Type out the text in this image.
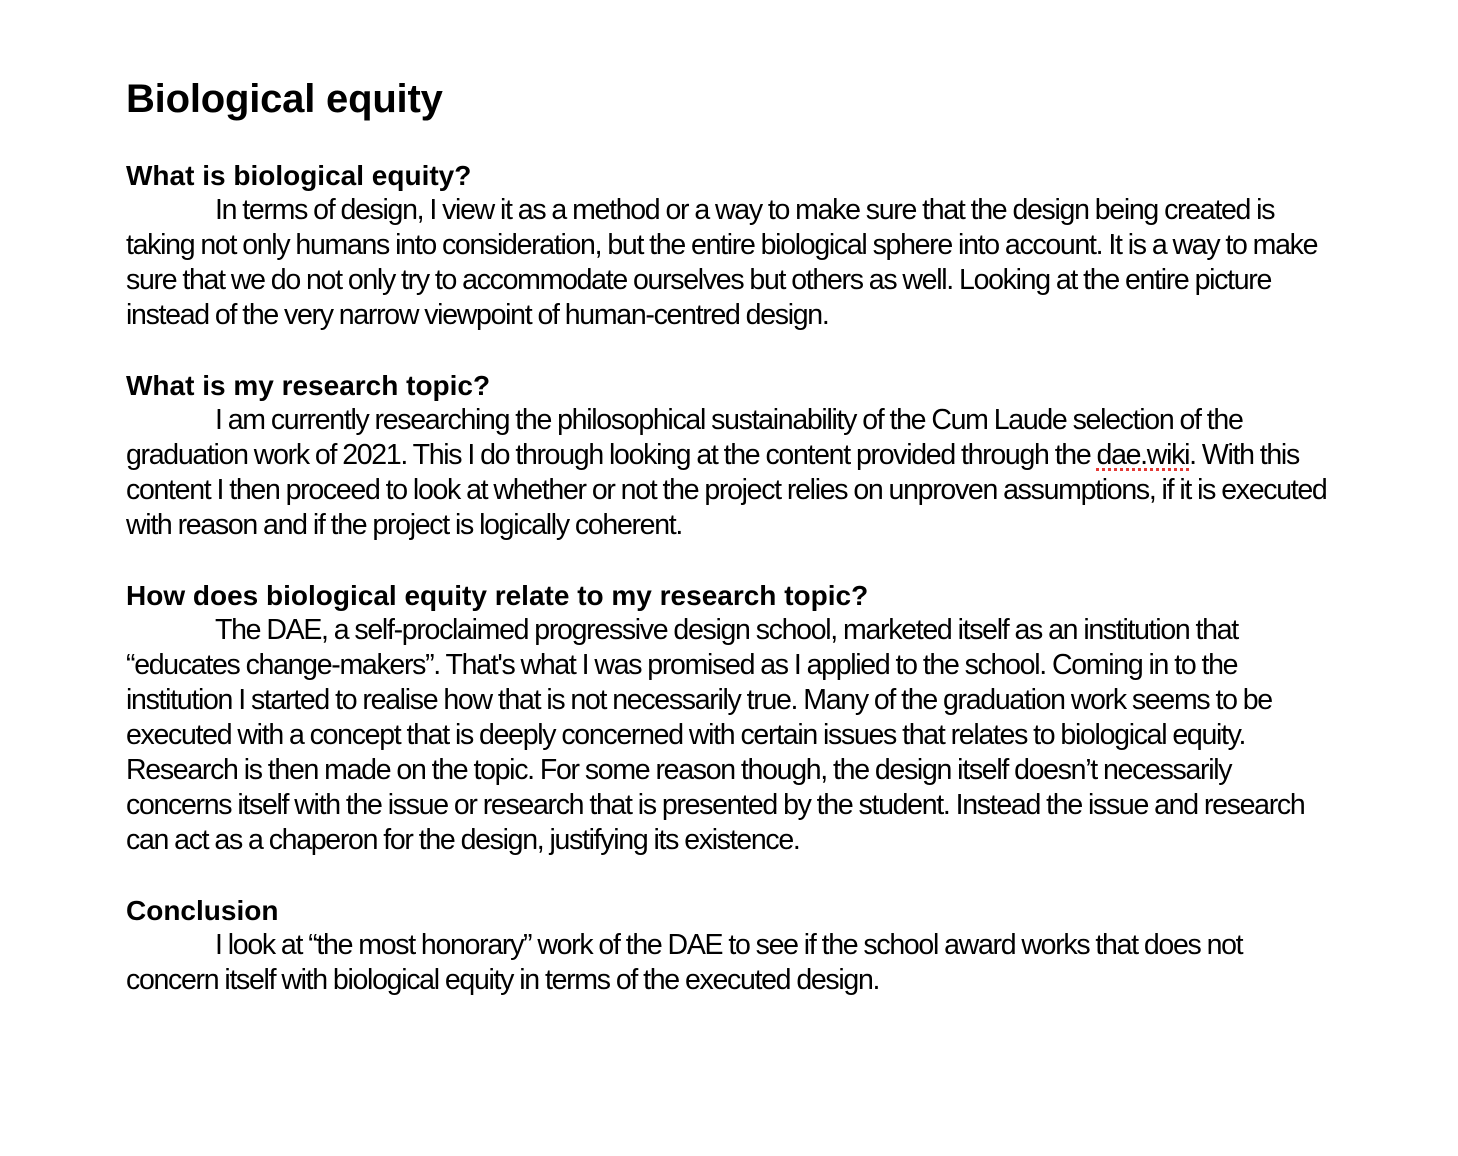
Biological equity
What is biological equity?

In terms of design, I view it as a method or a way to make sure that the design being created is taking not only humans into consideration, but the entire biological sphere into account. It is a way to make sure that we do not only try to accommodate ourselves but others as well. Looking at the entire picture instead of the very narrow viewpoint of human-centred design.

What is my research topic?

I am currently researching the philosophical sustainability of the Cum Laude selection of the graduation work of 2021. This I do through looking at the content provided through the dae.wiki. With this content I then proceed to look at whether or not the project relies on unproven assumptions, if it is executed with reason and if the project is logically coherent.

How does biological equity relate to my research topic?

The DAE, a self-proclaimed progressive design school, marketed itself as an institution that “educates change-makers”. That's what I was promised as I applied to the school. Coming in to the institution I started to realise how that is not necessarily true. Many of the graduation work seems to be executed with a concept that is deeply concerned with certain issues that relates to biological equity. Research is then made on the topic. For some reason though, the design itself doesn’t necessarily concerns itself with the issue or research that is presented by the student. Instead the issue and research can act as a chaperon for the design, justifying its existence.

Conclusion

I look at “the most honorary” work of the DAE to see if the school award works that does not concern itself with biological equity in terms of the executed design.
